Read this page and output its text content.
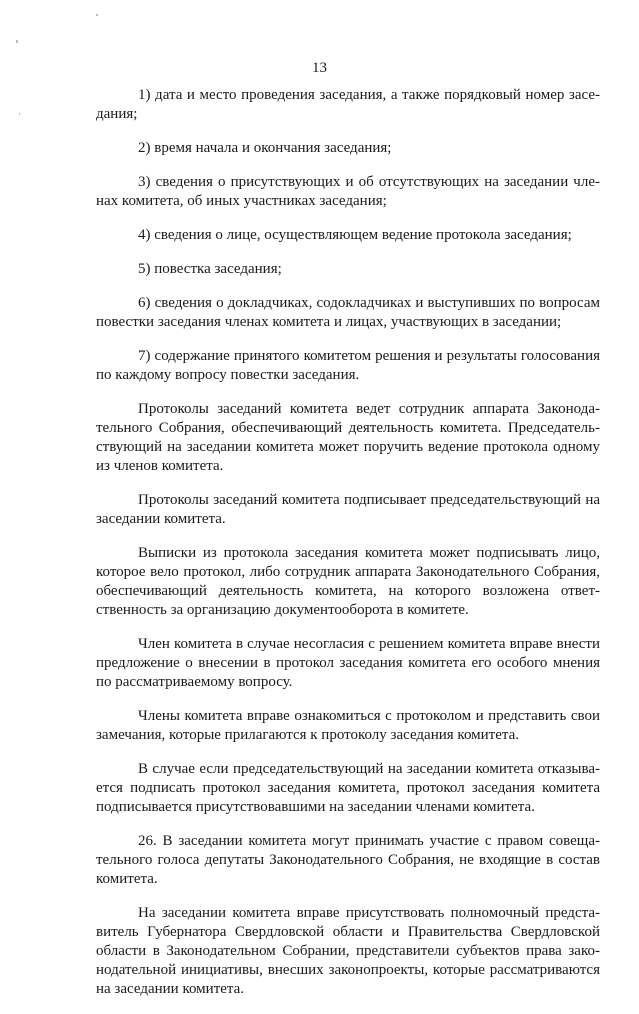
13

1) дата и место проведения заседания, а также порядковый номер заседания;

2) время начала и окончания заседания;

3) сведения о присутствующих и об отсутствующих на заседании членах комитета, об иных участниках заседания;

4) сведения о лице, осуществляющем ведение протокола заседания;

5) повестка заседания;

6) сведения о докладчиках, содокладчиках и выступивших по вопросам повестки заседания членах комитета и лицах, участвующих в заседании;

7) содержание принятого комитетом решения и результаты голосования по каждому вопросу повестки заседания.

Протоколы заседаний комитета ведет сотрудник аппарата Законодательного Собрания, обеспечивающий деятельность комитета. Председательствующий на заседании комитета может поручить ведение протокола одному из членов комитета.

Протоколы заседаний комитета подписывает председательствующий на заседании комитета.

Выписки из протокола заседания комитета может подписывать лицо, которое вело протокол, либо сотрудник аппарата Законодательного Собрания, обеспечивающий деятельность комитета, на которого возложена ответственность за организацию документооборота в комитете.

Член комитета в случае несогласия с решением комитета вправе внести предложение о внесении в протокол заседания комитета его особого мнения по рассматриваемому вопросу.

Члены комитета вправе ознакомиться с протоколом и представить свои замечания, которые прилагаются к протоколу заседания комитета.

В случае если председательствующий на заседании комитета отказывается подписать протокол заседания комитета, протокол заседания комитета подписывается присутствовавшими на заседании членами комитета.

26. В заседании комитета могут принимать участие с правом совещательного голоса депутаты Законодательного Собрания, не входящие в состав комитета.

На заседании комитета вправе присутствовать полномочный представитель Губернатора Свердловской области и Правительства Свердловской области в Законодательном Собрании, представители субъектов права законодательной инициативы, внесших законопроекты, которые рассматриваются на заседании комитета.
